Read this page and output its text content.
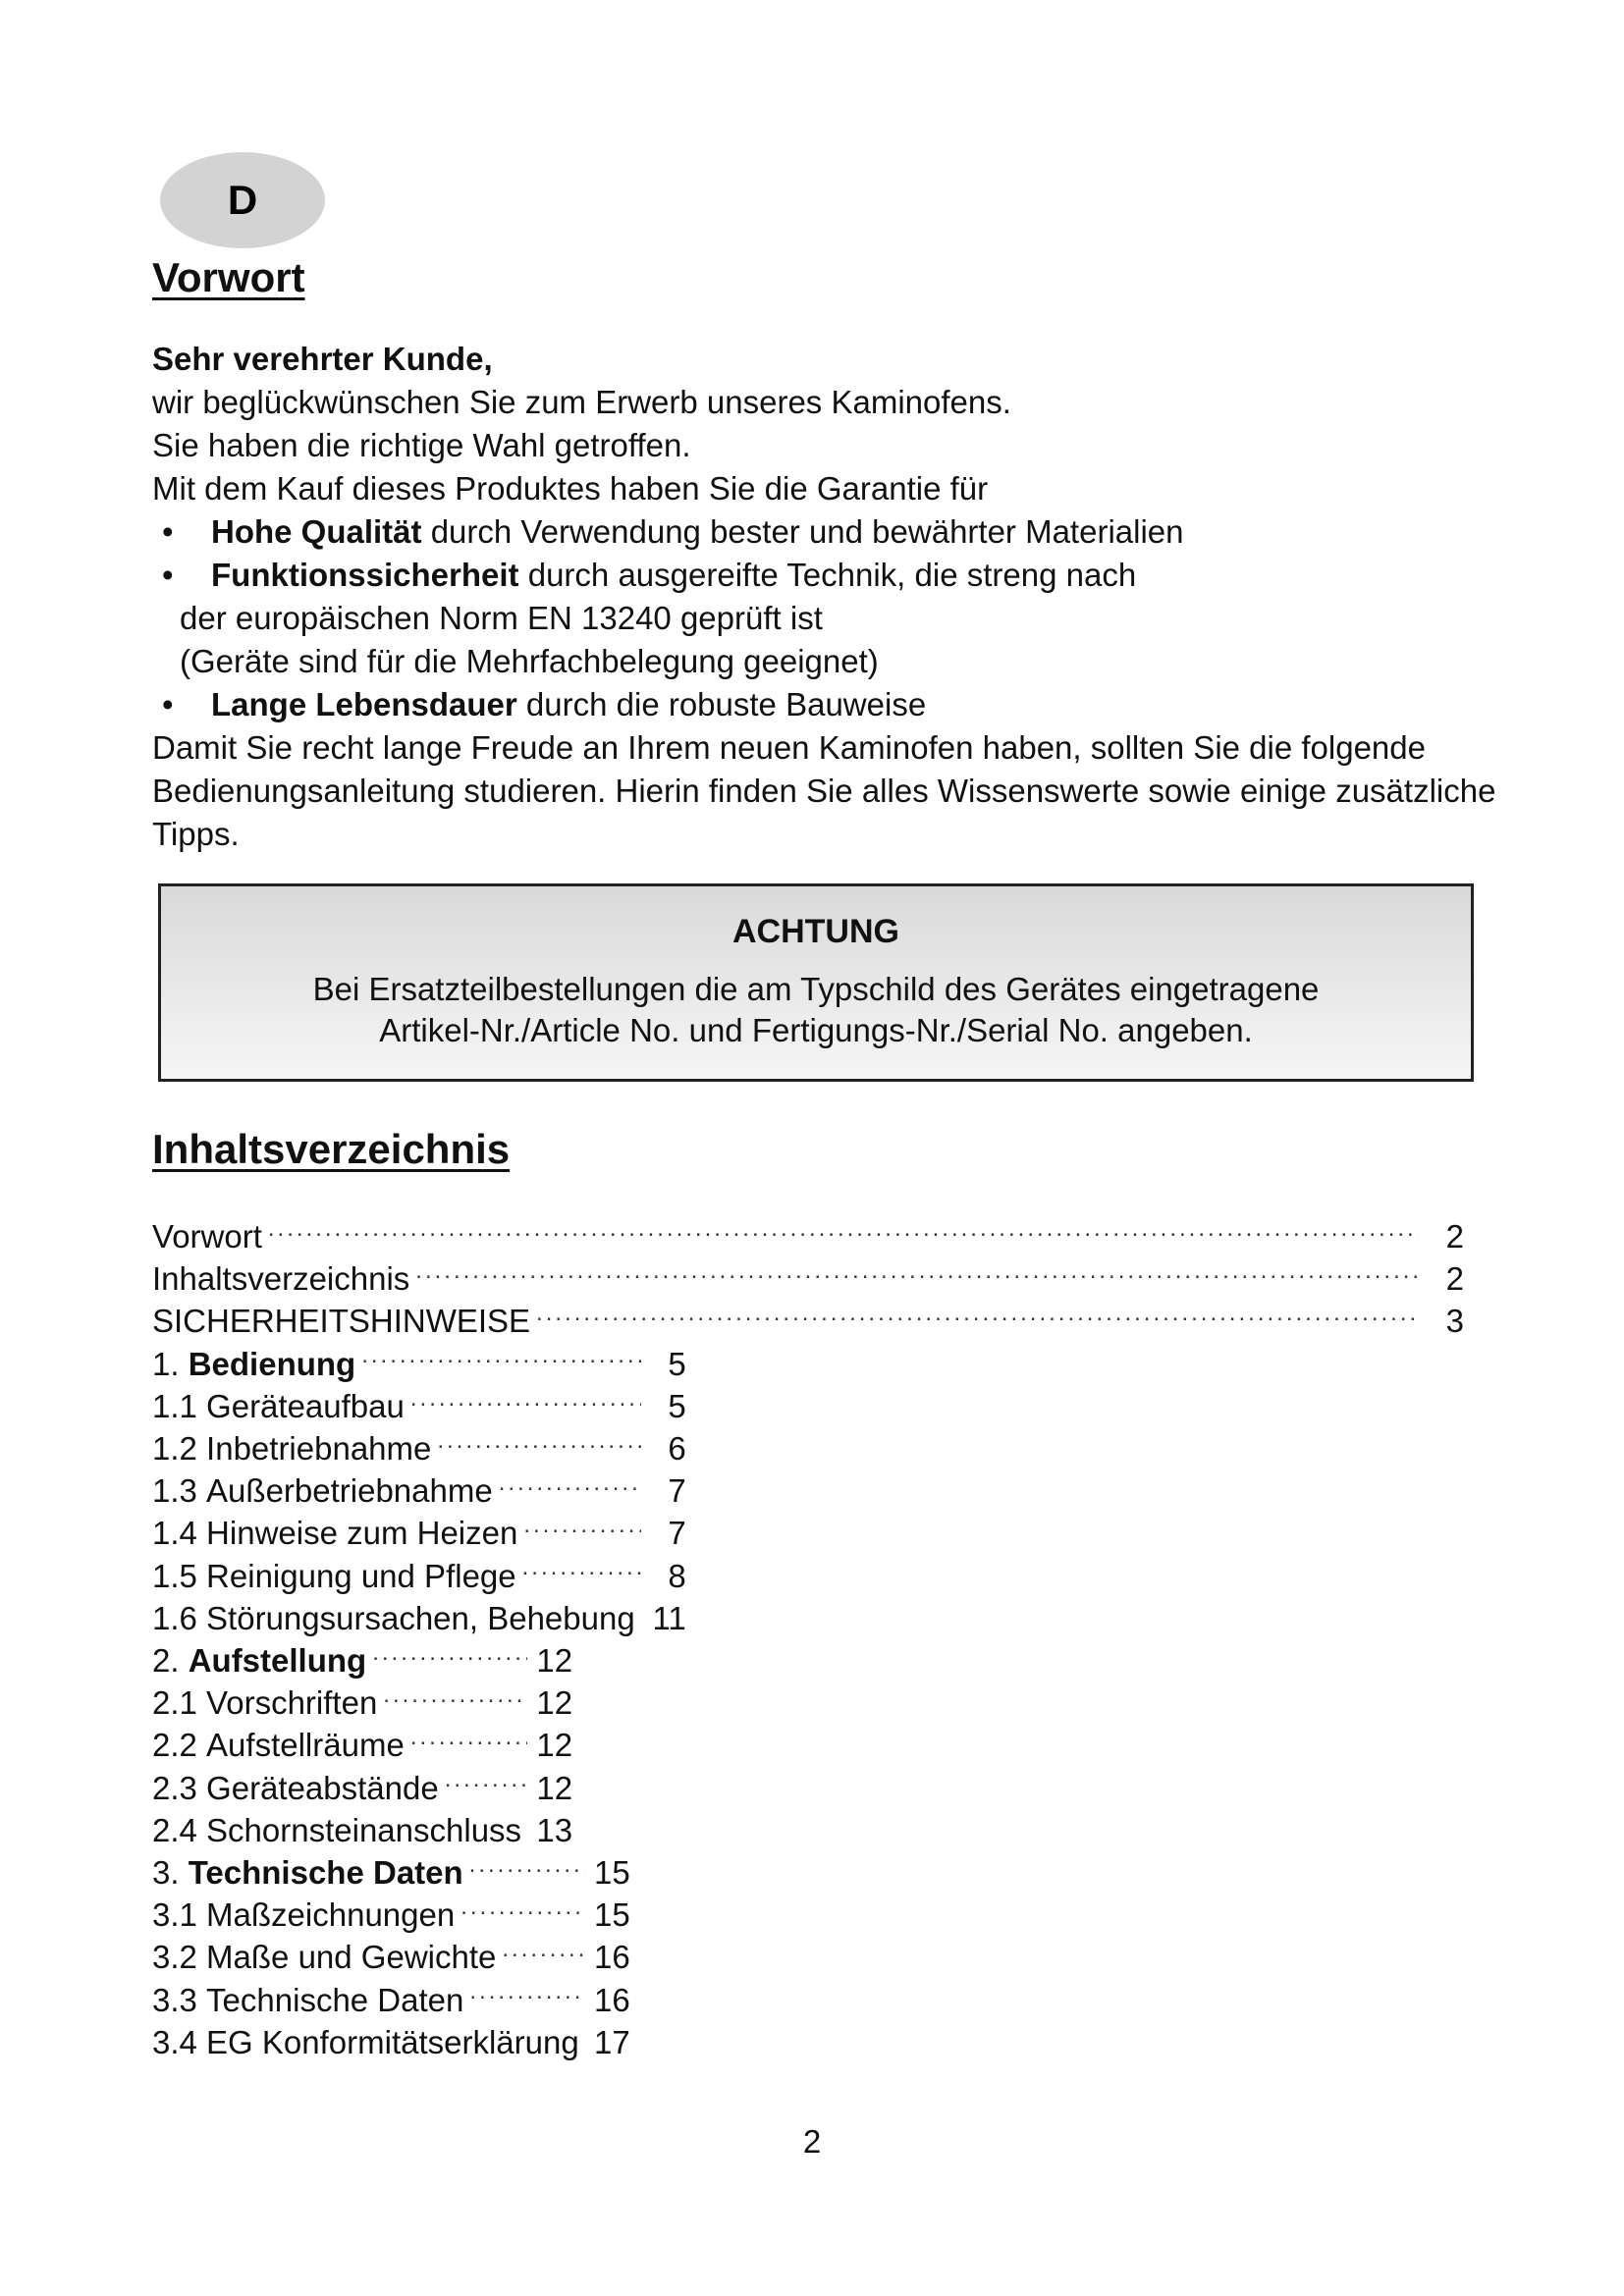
D
Vorwort

Sehr verehrter Kunde,

wir beglückwünschen Sie zum Erwerb unseres Kaminofens.

Sie haben die richtige Wahl getroffen.

Mit dem Kauf dieses Produktes haben Sie die Garantie für

• Hohe Qualität durch Verwendung bester und bewährter Materialien
• Funktionssicherheit durch ausgereifte Technik, die streng nach
der europäischen Norm EN 13240 geprüft ist
(Geräte sind für die Mehrfachbelegung geeignet)
• Lange Lebensdauer durch die robuste Bauweise

Damit Sie recht lange Freude an Ihrem neuen Kaminofen haben, sollten Sie die folgende Bedienungsanleitung studieren. Hierin finden Sie alles Wissenswerte sowie einige zusätzliche Tipps.

ACHTUNG
Bei Ersatzteilbestellungen die am Typschild des Gerätes eingetragene
Artikel-Nr./Article No. und Fertigungs-Nr./Serial No. angeben.
Inhaltsverzeichnis
Vorwort .....	2
Inhaltsverzeichnis .....	2
SICHERHEITSHINWEISE .....	3
1. Bedienung .....	5
1.1 Geräteaufbau .....	5
1.2 Inbetriebnahme .....	6
1.3 Außerbetriebnahme .....	7
1.4 Hinweise zum Heizen .....	7
1.5 Reinigung und Pflege .....	8
1.6 Störungsursachen, Behebung 11
2. Aufstellung .....	12
2.1 Vorschriften .....	12
2.2 Aufstellräume .....	12
2.3 Geräteabstände .....	12
2.4 Schornsteinanschluss 13
3. Technische Daten .....	15
3.1 Maßzeichnungen .....	15
3.2 Maße und Gewichte .....	16
3.3 Technische Daten .....	16
3.4 EG Konformitätserklärung 17
2
